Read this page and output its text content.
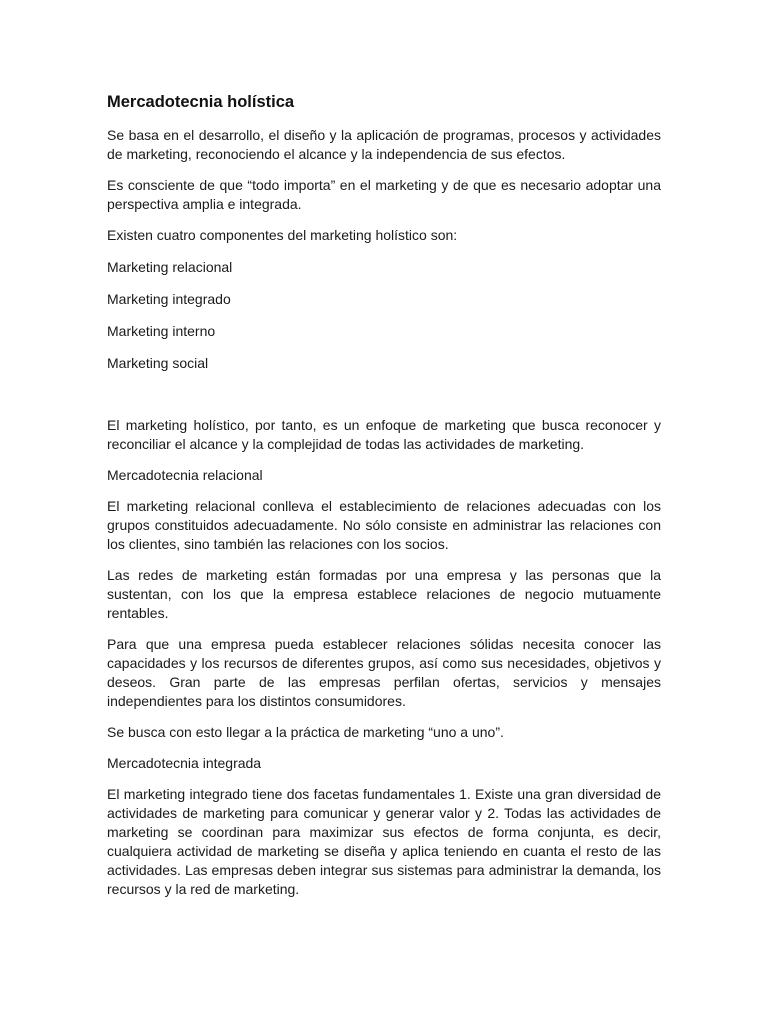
Mercadotecnia holística

Se basa en el desarrollo, el diseño y la aplicación de programas, procesos y actividades de marketing, reconociendo el alcance y la independencia de sus efectos.

Es consciente de que “todo importa” en el marketing y de que es necesario adoptar una perspectiva amplia e integrada.

Existen cuatro componentes del marketing holístico son:

Marketing relacional
Marketing integrado
Marketing interno
Marketing social

El marketing holístico, por tanto, es un enfoque de marketing que busca reconocer y reconciliar el alcance y la complejidad de todas las actividades de marketing.

Mercadotecnia relacional

El marketing relacional conlleva el establecimiento de relaciones adecuadas con los grupos constituidos adecuadamente. No sólo consiste en administrar las relaciones con los clientes, sino también las relaciones con los socios.

Las redes de marketing están formadas por una empresa y las personas que la sustentan, con los que la empresa establece relaciones de negocio mutuamente rentables.

Para que una empresa pueda establecer relaciones sólidas necesita conocer las capacidades y los recursos de diferentes grupos, así como sus necesidades, objetivos y deseos. Gran parte de las empresas perfilan ofertas, servicios y mensajes independientes para los distintos consumidores.

Se busca con esto llegar a la práctica de marketing “uno a uno”.

Mercadotecnia integrada

El marketing integrado tiene dos facetas fundamentales 1. Existe una gran diversidad de actividades de marketing para comunicar y generar valor y 2. Todas las actividades de marketing se coordinan para maximizar sus efectos de forma conjunta, es decir, cualquiera actividad de marketing se diseña y aplica teniendo en cuanta el resto de las actividades. Las empresas deben integrar sus sistemas para administrar la demanda, los recursos y la red de marketing.
